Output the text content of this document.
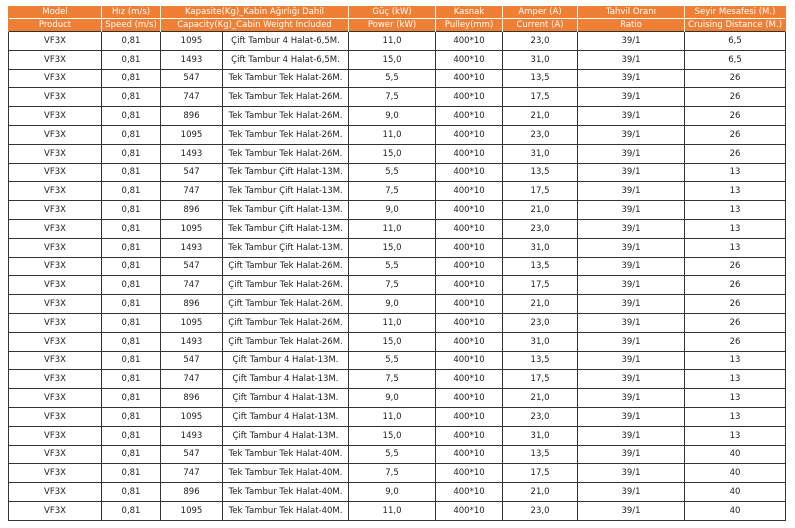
Model	Hız (m/s)	Kapasite(Kg)_Kabin Ağırlığı Dahil		Güç (kW)	Kasnak	Amper (A)	Tahvil Oranı	Seyir Mesafesi (M.)
Product	Speed (m/s)	Capacity(Kg)_Cabin Weight Included		Power (kW)	Pulley(mm)	Current (A)	Ratio	Cruising Distance (M.)
VF3X	0,81	1095	Çift Tambur 4 Halat-6,5M.	11,0	400*10	23,0	39/1	6,5
VF3X	0,81	1493	Çift Tambur 4 Halat-6,5M.	15,0	400*10	31,0	39/1	6,5
VF3X	0,81	547	Tek Tambur Tek Halat-26M.	5,5	400*10	13,5	39/1	26
VF3X	0,81	747	Tek Tambur Tek Halat-26M.	7,5	400*10	17,5	39/1	26
VF3X	0,81	896	Tek Tambur Tek Halat-26M.	9,0	400*10	21,0	39/1	26
VF3X	0,81	1095	Tek Tambur Tek Halat-26M.	11,0	400*10	23,0	39/1	26
VF3X	0,81	1493	Tek Tambur Tek Halat-26M.	15,0	400*10	31,0	39/1	26
VF3X	0,81	547	Tek Tambur Çift Halat-13M.	5,5	400*10	13,5	39/1	13
VF3X	0,81	747	Tek Tambur Çift Halat-13M.	7,5	400*10	17,5	39/1	13
VF3X	0,81	896	Tek Tambur Çift Halat-13M.	9,0	400*10	21,0	39/1	13
VF3X	0,81	1095	Tek Tambur Çift Halat-13M.	11,0	400*10	23,0	39/1	13
VF3X	0,81	1493	Tek Tambur Çift Halat-13M.	15,0	400*10	31,0	39/1	13
VF3X	0,81	547	Çift Tambur Tek Halat-26M.	5,5	400*10	13,5	39/1	26
VF3X	0,81	747	Çift Tambur Tek Halat-26M.	7,5	400*10	17,5	39/1	26
VF3X	0,81	896	Çift Tambur Tek Halat-26M.	9,0	400*10	21,0	39/1	26
VF3X	0,81	1095	Çift Tambur Tek Halat-26M.	11,0	400*10	23,0	39/1	26
VF3X	0,81	1493	Çift Tambur Tek Halat-26M.	15,0	400*10	31,0	39/1	26
VF3X	0,81	547	Çift Tambur 4 Halat-13M.	5,5	400*10	13,5	39/1	13
VF3X	0,81	747	Çift Tambur 4 Halat-13M.	7,5	400*10	17,5	39/1	13
VF3X	0,81	896	Çift Tambur 4 Halat-13M.	9,0	400*10	21,0	39/1	13
VF3X	0,81	1095	Çift Tambur 4 Halat-13M.	11,0	400*10	23,0	39/1	13
VF3X	0,81	1493	Çift Tambur 4 Halat-13M.	15,0	400*10	31,0	39/1	13
VF3X	0,81	547	Tek Tambur Tek Halat-40M.	5,5	400*10	13,5	39/1	40
VF3X	0,81	747	Tek Tambur Tek Halat-40M.	7,5	400*10	17,5	39/1	40
VF3X	0,81	896	Tek Tambur Tek Halat-40M.	9,0	400*10	21,0	39/1	40
VF3X	0,81	1095	Tek Tambur Tek Halat-40M.	11,0	400*10	23,0	39/1	40
